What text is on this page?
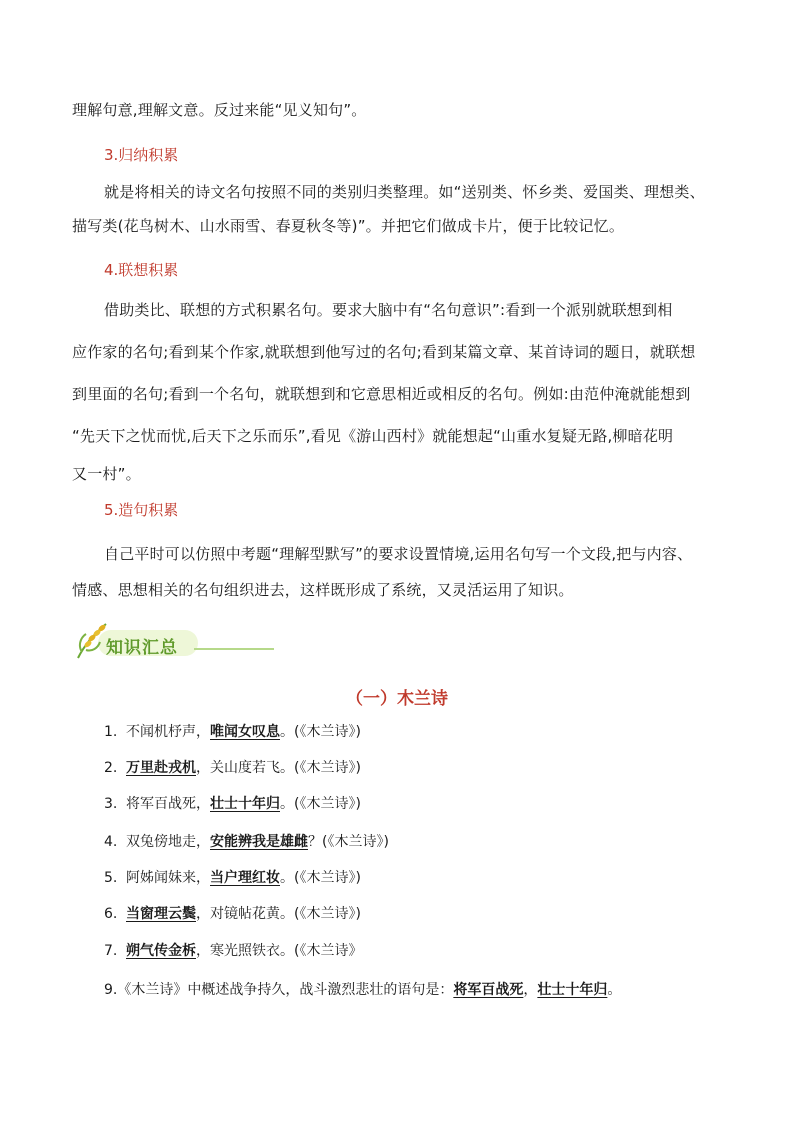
理解句意,理解文意。反过来能“见义知句”。
3.归纳积累
就是将相关的诗文名句按照不同的类别归类整理。如“送别类、怀乡类、爱国类、理想类、
描写类(花鸟树木、山水雨雪、春夏秋冬等)”。并把它们做成卡片，便于比较记忆。
4.联想积累
借助类比、联想的方式积累名句。要求大脑中有“名句意识”:看到一个派别就联想到相
应作家的名句;看到某个作家,就联想到他写过的名句;看到某篇文章、某首诗词的题日，就联想
到里面的名句;看到一个名句，就联想到和它意思相近或相反的名句。例如:由范仲淹就能想到
“先天下之忧而忧,后天下之乐而乐”,看见《游山西村》就能想起“山重水复疑无路,柳暗花明
又一村”。
5.造句积累
自己平时可以仿照中考题“理解型默写”的要求设置情境,运用名句写一个文段,把与内容、
情感、思想相关的名句组织进去，这样既形成了系统，又灵活运用了知识。
知识汇总
（一）木兰诗
1. 不闻机杼声，唯闻女叹息。(《木兰诗》)
2. 万里赴戎机，关山度若飞。(《木兰诗》)
3. 将军百战死，壮士十年归。(《木兰诗》)
4. 双兔傍地走，安能辨我是雄雌？(《木兰诗》)
5. 阿姊闻妹来，当户理红妆。(《木兰诗》)
6. 当窗理云鬓，对镜帖花黄。(《木兰诗》)
7. 朔气传金柝，寒光照铁衣。(《木兰诗》
9.《木兰诗》中概述战争持久，战斗激烈悲壮的语句是：将军百战死，壮士十年归。
